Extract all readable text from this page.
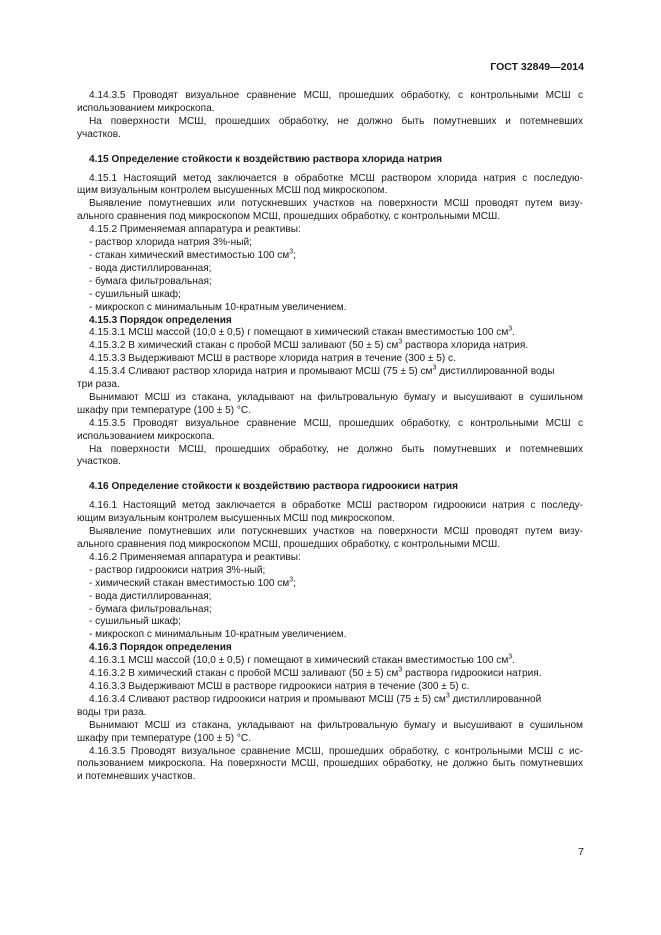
ГОСТ 32849—2014
4.14.3.5 Проводят визуальное сравнение МСШ, прошедших обработку, с контрольными МСШ с
использованием микроскопа.
На поверхности МСШ, прошедших обработку, не должно быть помутневших и потемневших
участков.
4.15 Определение стойкости к воздействию раствора хлорида натрия
4.15.1 Настоящий метод заключается в обработке МСШ раствором хлорида натрия с последую-
щим визуальным контролем высушенных МСШ под микроскопом.
Выявление помутневших или потускневших участков на поверхности МСШ проводят путем визу-
ального сравнения под микроскопом МСШ, прошедших обработку, с контрольными МСШ.
4.15.2 Применяемая аппаратура и реактивы:
- раствор хлорида натрия 3%-ный;
- стакан химический вместимостью 100 $см^3$;
- вода дистиллированная;
- бумага фильтровальная;
- сушильный шкаф;
- микроскоп с минимальным 10-кратным увеличением.
4.15.3 Порядок определения
4.15.3.1 МСШ массой (10,0 ± 0,5) г помещают в химический стакан вместимостью 100 $см^3$.
4.15.3.2 В химический стакан с пробой МСШ заливают (50 ± 5) $см^3$ раствора хлорида натрия.
4.15.3.3 Выдерживают МСШ в растворе хлорида натрия в течение (300 ± 5) с.
4.15.3.4 Сливают раствор хлорида натрия и промывают МСШ (75 ± 5) $см^3$ дистиллированной воды
три раза.
Вынимают МСШ из стакана, укладывают на фильтровальную бумагу и высушивают в сушильном
шкафу при температуре (100 ± 5) °С.
4.15.3.5 Проводят визуальное сравнение МСШ, прошедших обработку, с контрольными МСШ с
использованием микроскопа.
На поверхности МСШ, прошедших обработку, не должно быть помутневших и потемневших
участков.
4.16 Определение стойкости к воздействию раствора гидроокиси натрия
4.16.1 Настоящий метод заключается в обработке МСШ раствором гидроокиси натрия с последу-
ющим визуальным контролем высушенных МСШ под микроскопом.
Выявление помутневших или потускневших участков на поверхности МСШ проводят путем визу-
ального сравнения под микроскопом МСШ, прошедших обработку, с контрольными МСШ.
4.16.2 Применяемая аппаратура и реактивы:
- раствор гидроокиси натрия 3%-ный;
- химический стакан вместимостью 100 $см^3$;
- вода дистиллированная;
- бумага фильтровальная;
- сушильный шкаф;
- микроскоп с минимальным 10-кратным увеличением.
4.16.3 Порядок определения
4.16.3.1 МСШ массой (10,0 ± 0,5) г помещают в химический стакан вместимостью 100 $см^3$.
4.16.3.2 В химический стакан с пробой МСШ заливают (50 ± 5) $см^3$ раствора гидроокиси натрия.
4.16.3.3 Выдерживают МСШ в растворе гидроокиси натрия в течение (300 ± 5) с.
4.16.3.4 Сливают раствор гидроокиси натрия и промывают МСШ (75 ± 5) $см^3$ дистиллированной
воды три раза.
Вынимают МСШ из стакана, укладывают на фильтровальную бумагу и высушивают в сушильном
шкафу при температуре (100 ± 5) °С.
4.16.3.5 Проводят визуальное сравнение МСШ, прошедших обработку, с контрольными МСШ с ис-
пользованием микроскопа. На поверхности МСШ, прошедших обработку, не должно быть помутневших
и потемневших участков.
7
